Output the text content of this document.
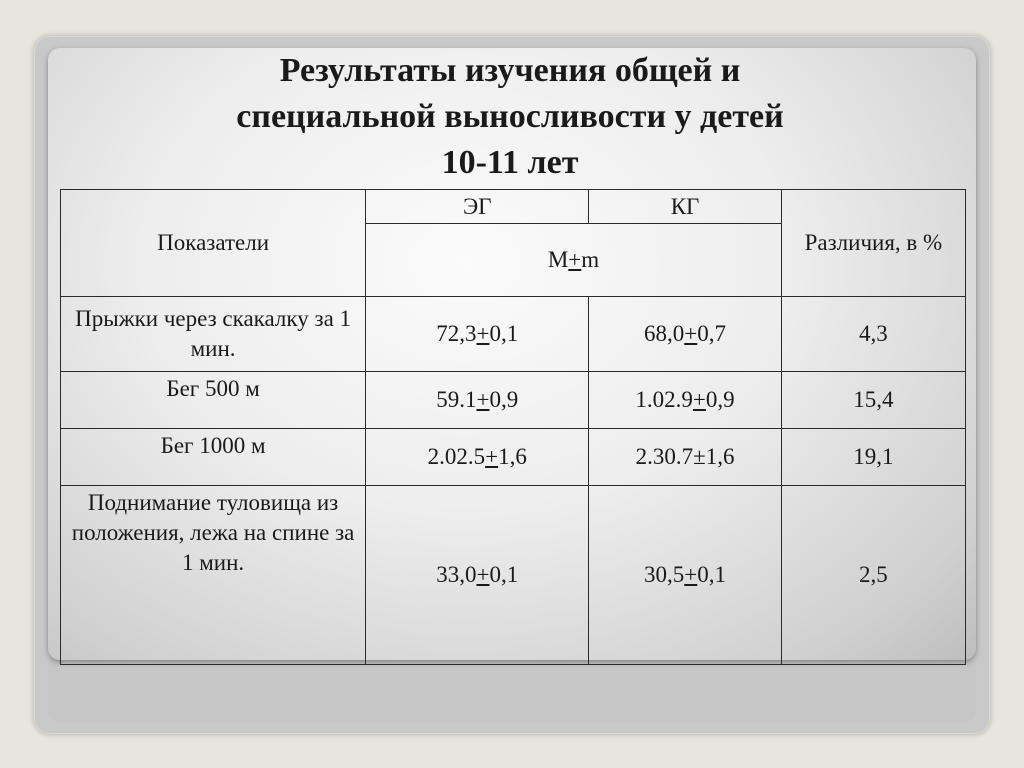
Результаты изучения общей и
специальной выносливости у детей
10-11 лет
Показатели	ЭГ	КГ	Различия, в %
	М+m		
Прыжки через скакалку за 1 мин.	72,3+0,1	68,0+0,7	4,3
Бег 500 м	59.1+0,9	1.02.9+0,9	15,4
Бег 1000 м	2.02.5+1,6	2.30.7±1,6	19,1
Поднимание туловища из положения, лежа на спине за 1 мин.	33,0+0,1	30,5+0,1	2,5
